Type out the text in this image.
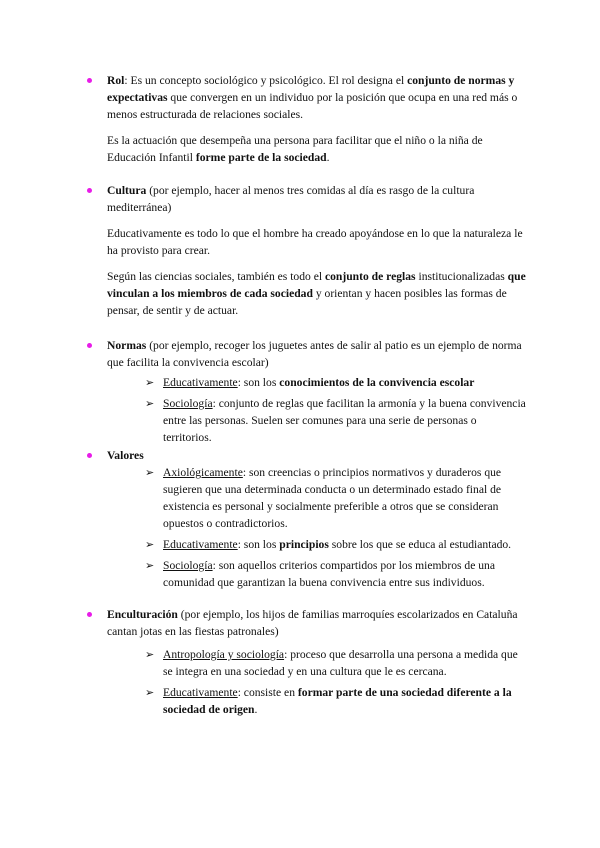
Rol: Es un concepto sociológico y psicológico. El rol designa el conjunto de normas y expectativas que convergen en un individuo por la posición que ocupa en una red más o menos estructurada de relaciones sociales.

Es la actuación que desempeña una persona para facilitar que el niño o la niña de Educación Infantil forme parte de la sociedad.

Cultura (por ejemplo, hacer al menos tres comidas al día es rasgo de la cultura mediterránea)

Educativamente es todo lo que el hombre ha creado apoyándose en lo que la naturaleza le ha provisto para crear.

Según las ciencias sociales, también es todo el conjunto de reglas institucionalizadas que vinculan a los miembros de cada sociedad y orientan y hacen posibles las formas de pensar, de sentir y de actuar.

Normas (por ejemplo, recoger los juguetes antes de salir al patio es un ejemplo de norma que facilita la convivencia escolar)

➢ Educativamente: son los conocimientos de la convivencia escolar
➢ Sociología: conjunto de reglas que facilitan la armonía y la buena convivencia entre las personas. Suelen ser comunes para una serie de personas o territorios.

Valores

➢ Axiológicamente: son creencias o principios normativos y duraderos que sugieren que una determinada conducta o un determinado estado final de existencia es personal y socialmente preferible a otros que se consideran opuestos o contradictorios.
➢ Educativamente: son los principios sobre los que se educa al estudiantado.
➢ Sociología: son aquellos criterios compartidos por los miembros de una comunidad que garantizan la buena convivencia entre sus individuos.

Enculturación (por ejemplo, los hijos de familias marroquíes escolarizados en Cataluña cantan jotas en las fiestas patronales)

➢ Antropología y sociología: proceso que desarrolla una persona a medida que se integra en una sociedad y en una cultura que le es cercana.
➢ Educativamente: consiste en formar parte de una sociedad diferente a la sociedad de origen.
